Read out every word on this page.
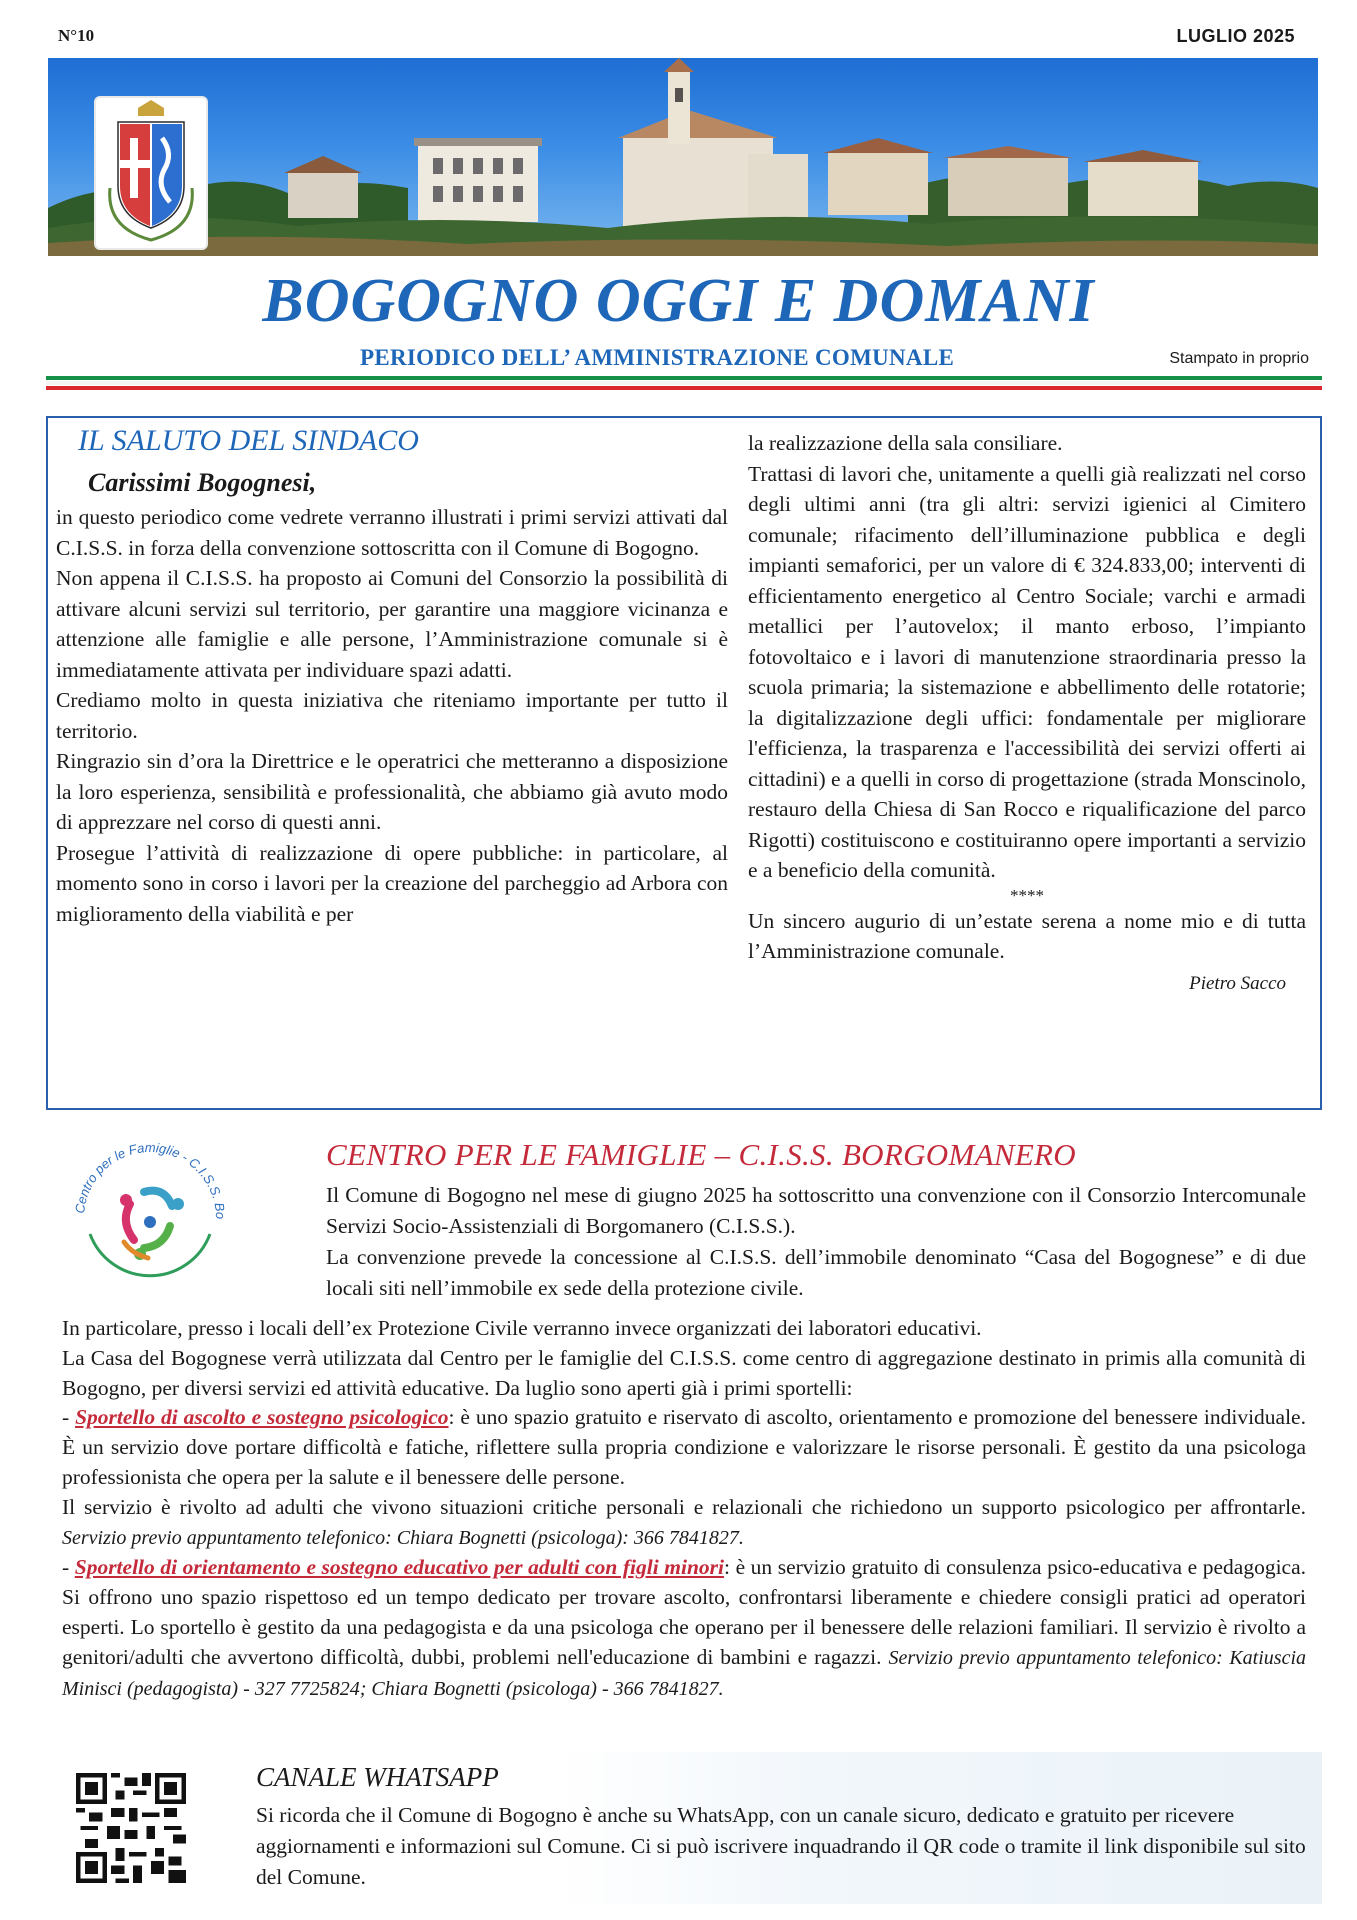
N°10	LUGLIO 2025
BOGOGNO OGGI E DOMANI
PERIODICO DELL’ AMMINISTRAZIONE COMUNALE	Stampato in proprio
IL SALUTO DEL SINDACO
Carissimi Bogognesi,

in questo periodico come vedrete verranno illustrati i primi servizi attivati dal C.I.S.S. in forza della convenzione sottoscritta con il Comune di Bogogno.

Non appena il C.I.S.S. ha proposto ai Comuni del Consorzio la possibilità di attivare alcuni servizi sul territorio, per garantire una maggiore vicinanza e attenzione alle famiglie e alle persone, l’Amministrazione comunale si è immediatamente attivata per individuare spazi adatti.

Crediamo molto in questa iniziativa che riteniamo importante per tutto il territorio.

Ringrazio sin d’ora la Direttrice e le operatrici che metteranno a disposizione la loro esperienza, sensibilità e professionalità, che abbiamo già avuto modo di apprezzare nel corso di questi anni.

Prosegue l’attività di realizzazione di opere pubbliche: in particolare, al momento sono in corso i lavori per la creazione del parcheggio ad Arbora con miglioramento della viabilità e per

la realizzazione della sala consiliare.

Trattasi di lavori che, unitamente a quelli già realizzati nel corso degli ultimi anni (tra gli altri: servizi igienici al Cimitero comunale; rifacimento dell’illuminazione pubblica e degli impianti semaforici, per un valore di € 324.833,00; interventi di efficientamento energetico al Centro Sociale; varchi e armadi metallici per l’autovelox; il manto erboso, l’impianto fotovoltaico e i lavori di manutenzione straordinaria presso la scuola primaria; la sistemazione e abbellimento delle rotatorie; la digitalizzazione degli uffici: fondamentale per migliorare l'efficienza, la trasparenza e l'accessibilità dei servizi offerti ai cittadini) e a quelli in corso di progettazione (strada Monscinolo, restauro della Chiesa di San Rocco e riqualificazione del parco Rigotti) costituiscono e costituiranno opere importanti a servizio e a beneficio della comunità.

****

Un sincero augurio di un’estate serena a nome mio e di tutta l’Amministrazione comunale.

Pietro Sacco
Centro per le Famiglie - C.I.S.S. Bo
CENTRO PER LE FAMIGLIE – C.I.S.S. BORGOMANERO
Il Comune di Bogogno nel mese di giugno 2025 ha sottoscritto una convenzione con il Consorzio Intercomunale Servizi Socio-Assistenziali di Borgomanero (C.I.S.S.).
La convenzione prevede la concessione al C.I.S.S. dell’immobile denominato “Casa del Bogognese” e di due locali siti nell’immobile ex sede della protezione civile.

In particolare, presso i locali dell’ex Protezione Civile verranno invece organizzati dei laboratori educativi.

La Casa del Bogognese verrà utilizzata dal Centro per le famiglie del C.I.S.S. come centro di aggregazione destinato in primis alla comunità di Bogogno, per diversi servizi ed attività educative. Da luglio sono aperti già i primi sportelli:

- Sportello di ascolto e sostegno psicologico: è uno spazio gratuito e riservato di ascolto, orientamento e promozione del benessere individuale. È un servizio dove portare difficoltà e fatiche, riflettere sulla propria condizione e valorizzare le risorse personali. È gestito da una psicologa professionista che opera per la salute e il benessere delle persone.

Il servizio è rivolto ad adulti che vivono situazioni critiche personali e relazionali che richiedono un supporto psicologico per affrontarle. Servizio previo appuntamento telefonico: Chiara Bognetti (psicologa): 366 7841827.

- Sportello di orientamento e sostegno educativo per adulti con figli minori: è un servizio gratuito di consulenza psico-educativa e pedagogica. Si offrono uno spazio rispettoso ed un tempo dedicato per trovare ascolto, confrontarsi liberamente e chiedere consigli pratici ad operatori esperti. Lo sportello è gestito da una pedagogista e da una psicologa che operano per il benessere delle relazioni familiari. Il servizio è rivolto a genitori/adulti che avvertono difficoltà, dubbi, problemi nell'educazione di bambini e ragazzi. Servizio previo appuntamento telefonico: Katiuscia Minisci (pedagogista) - 327 7725824; Chiara Bognetti (psicologa) - 366 7841827.

CANALE WHATSAPP
Si ricorda che il Comune di Bogogno è anche su WhatsApp, con un canale sicuro, dedicato e gratuito per ricevere aggiornamenti e informazioni sul Comune. Ci si può iscrivere inquadrando il QR code o tramite il link disponibile sul sito del Comune.
